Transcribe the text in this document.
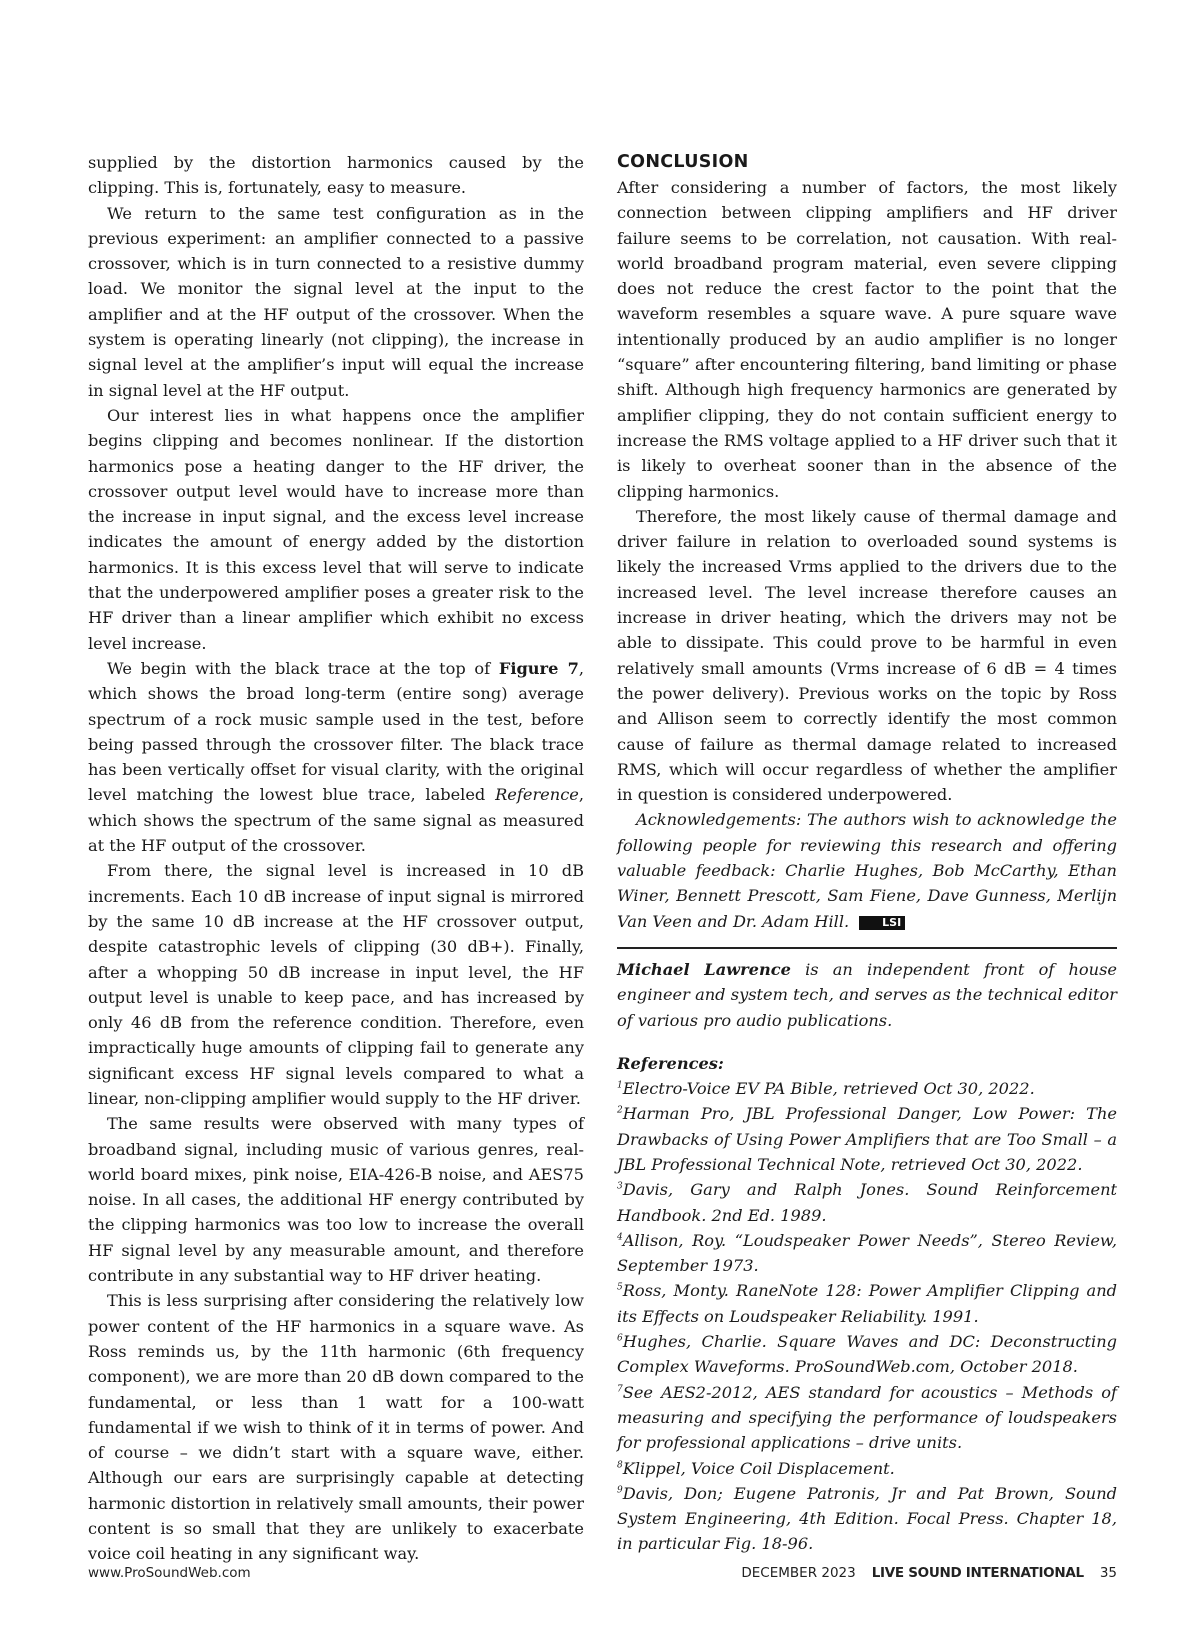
supplied by the distortion harmonics caused by the clipping. This is, fortunately, easy to measure.

We return to the same test configuration as in the previous experiment: an amplifier connected to a passive crossover, which is in turn connected to a resistive dummy load. We monitor the signal level at the input to the amplifier and at the HF output of the crossover. When the system is operating linearly (not clipping), the increase in signal level at the amplifier’s input will equal the increase in signal level at the HF output.

Our interest lies in what happens once the amplifier begins clipping and becomes nonlinear. If the distortion harmonics pose a heating danger to the HF driver, the crossover output level would have to increase more than the increase in input signal, and the excess level increase indicates the amount of energy added by the distortion harmonics. It is this excess level that will serve to indicate that the underpowered amplifier poses a greater risk to the HF driver than a linear amplifier which exhibit no excess level increase.

We begin with the black trace at the top of Figure 7, which shows the broad long-term (entire song) average spectrum of a rock music sample used in the test, before being passed through the crossover filter. The black trace has been vertically offset for visual clarity, with the original level matching the lowest blue trace, labeled Reference, which shows the spectrum of the same signal as measured at the HF output of the crossover.

From there, the signal level is increased in 10 dB increments. Each 10 dB increase of input signal is mirrored by the same 10 dB increase at the HF crossover output, despite catastrophic levels of clipping (30 dB+). Finally, after a whopping 50 dB increase in input level, the HF output level is unable to keep pace, and has increased by only 46 dB from the reference condition. Therefore, even impractically huge amounts of clipping fail to generate any significant excess HF signal levels compared to what a linear, non-clipping amplifier would supply to the HF driver.

The same results were observed with many types of broadband signal, including music of various genres, real-world board mixes, pink noise, EIA-426-B noise, and AES75 noise. In all cases, the additional HF energy contributed by the clipping harmonics was too low to increase the overall HF signal level by any measurable amount, and therefore contribute in any substantial way to HF driver heating.

This is less surprising after considering the relatively low power content of the HF harmonics in a square wave. As Ross reminds us, by the 11th harmonic (6th frequency component), we are more than 20 dB down compared to the fundamental, or less than 1 watt for a 100-watt fundamental if we wish to think of it in terms of power. And of course – we didn’t start with a square wave, either. Although our ears are surprisingly capable at detecting harmonic distortion in relatively small amounts, their power content is so small that they are unlikely to exacerbate voice coil heating in any significant way.

CONCLUSION

After considering a number of factors, the most likely connection between clipping amplifiers and HF driver failure seems to be correlation, not causation. With real-world broadband program material, even severe clipping does not reduce the crest factor to the point that the waveform resembles a square wave. A pure square wave intentionally produced by an audio amplifier is no longer “square” after encountering filtering, band limiting or phase shift. Although high frequency harmonics are generated by amplifier clipping, they do not contain sufficient energy to increase the RMS voltage applied to a HF driver such that it is likely to overheat sooner than in the absence of the clipping harmonics.

Therefore, the most likely cause of thermal damage and driver failure in relation to overloaded sound systems is likely the increased Vrms applied to the drivers due to the increased level. The level increase therefore causes an increase in driver heating, which the drivers may not be able to dissipate. This could prove to be harmful in even relatively small amounts (Vrms increase of 6 dB = 4 times the power delivery). Previous works on the topic by Ross and Allison seem to correctly identify the most common cause of failure as thermal damage related to increased RMS, which will occur regardless of whether the amplifier in question is considered underpowered.

Acknowledgements: The authors wish to acknowledge the following people for reviewing this research and offering valuable feedback: Charlie Hughes, Bob McCarthy, Ethan Winer, Bennett Prescott, Sam Fiene, Dave Gunness, Merlijn Van Veen and Dr. Adam Hill.	LSI

Michael Lawrence is an independent front of house engineer and system tech, and serves as the technical editor of various pro audio publications.

References:
$^1$Electro-Voice EV PA Bible, retrieved Oct 30, 2022.
$^2$Harman Pro, JBL Professional Danger, Low Power: The Drawbacks of Using Power Amplifiers that are Too Small – a JBL Professional Technical Note, retrieved Oct 30, 2022.
$^3$Davis, Gary and Ralph Jones. Sound Reinforcement Handbook. 2nd Ed. 1989.
$^4$Allison, Roy. “Loudspeaker Power Needs”, Stereo Review, September 1973.
$^5$Ross, Monty. RaneNote 128: Power Amplifier Clipping and its Effects on Loudspeaker Reliability. 1991.
$^6$Hughes, Charlie. Square Waves and DC: Deconstructing Complex Waveforms. ProSoundWeb.com, October 2018.
$^7$See AES2-2012, AES standard for acoustics – Methods of measuring and specifying the performance of loudspeakers for professional applications – drive units.
$^8$Klippel, Voice Coil Displacement.
$^9$Davis, Don; Eugene Patronis, Jr and Pat Brown, Sound System Engineering, 4th Edition. Focal Press. Chapter 18, in particular Fig. 18-96.
www.ProSoundWeb.com	DECEMBER 2023 LIVE SOUND INTERNATIONAL 35
